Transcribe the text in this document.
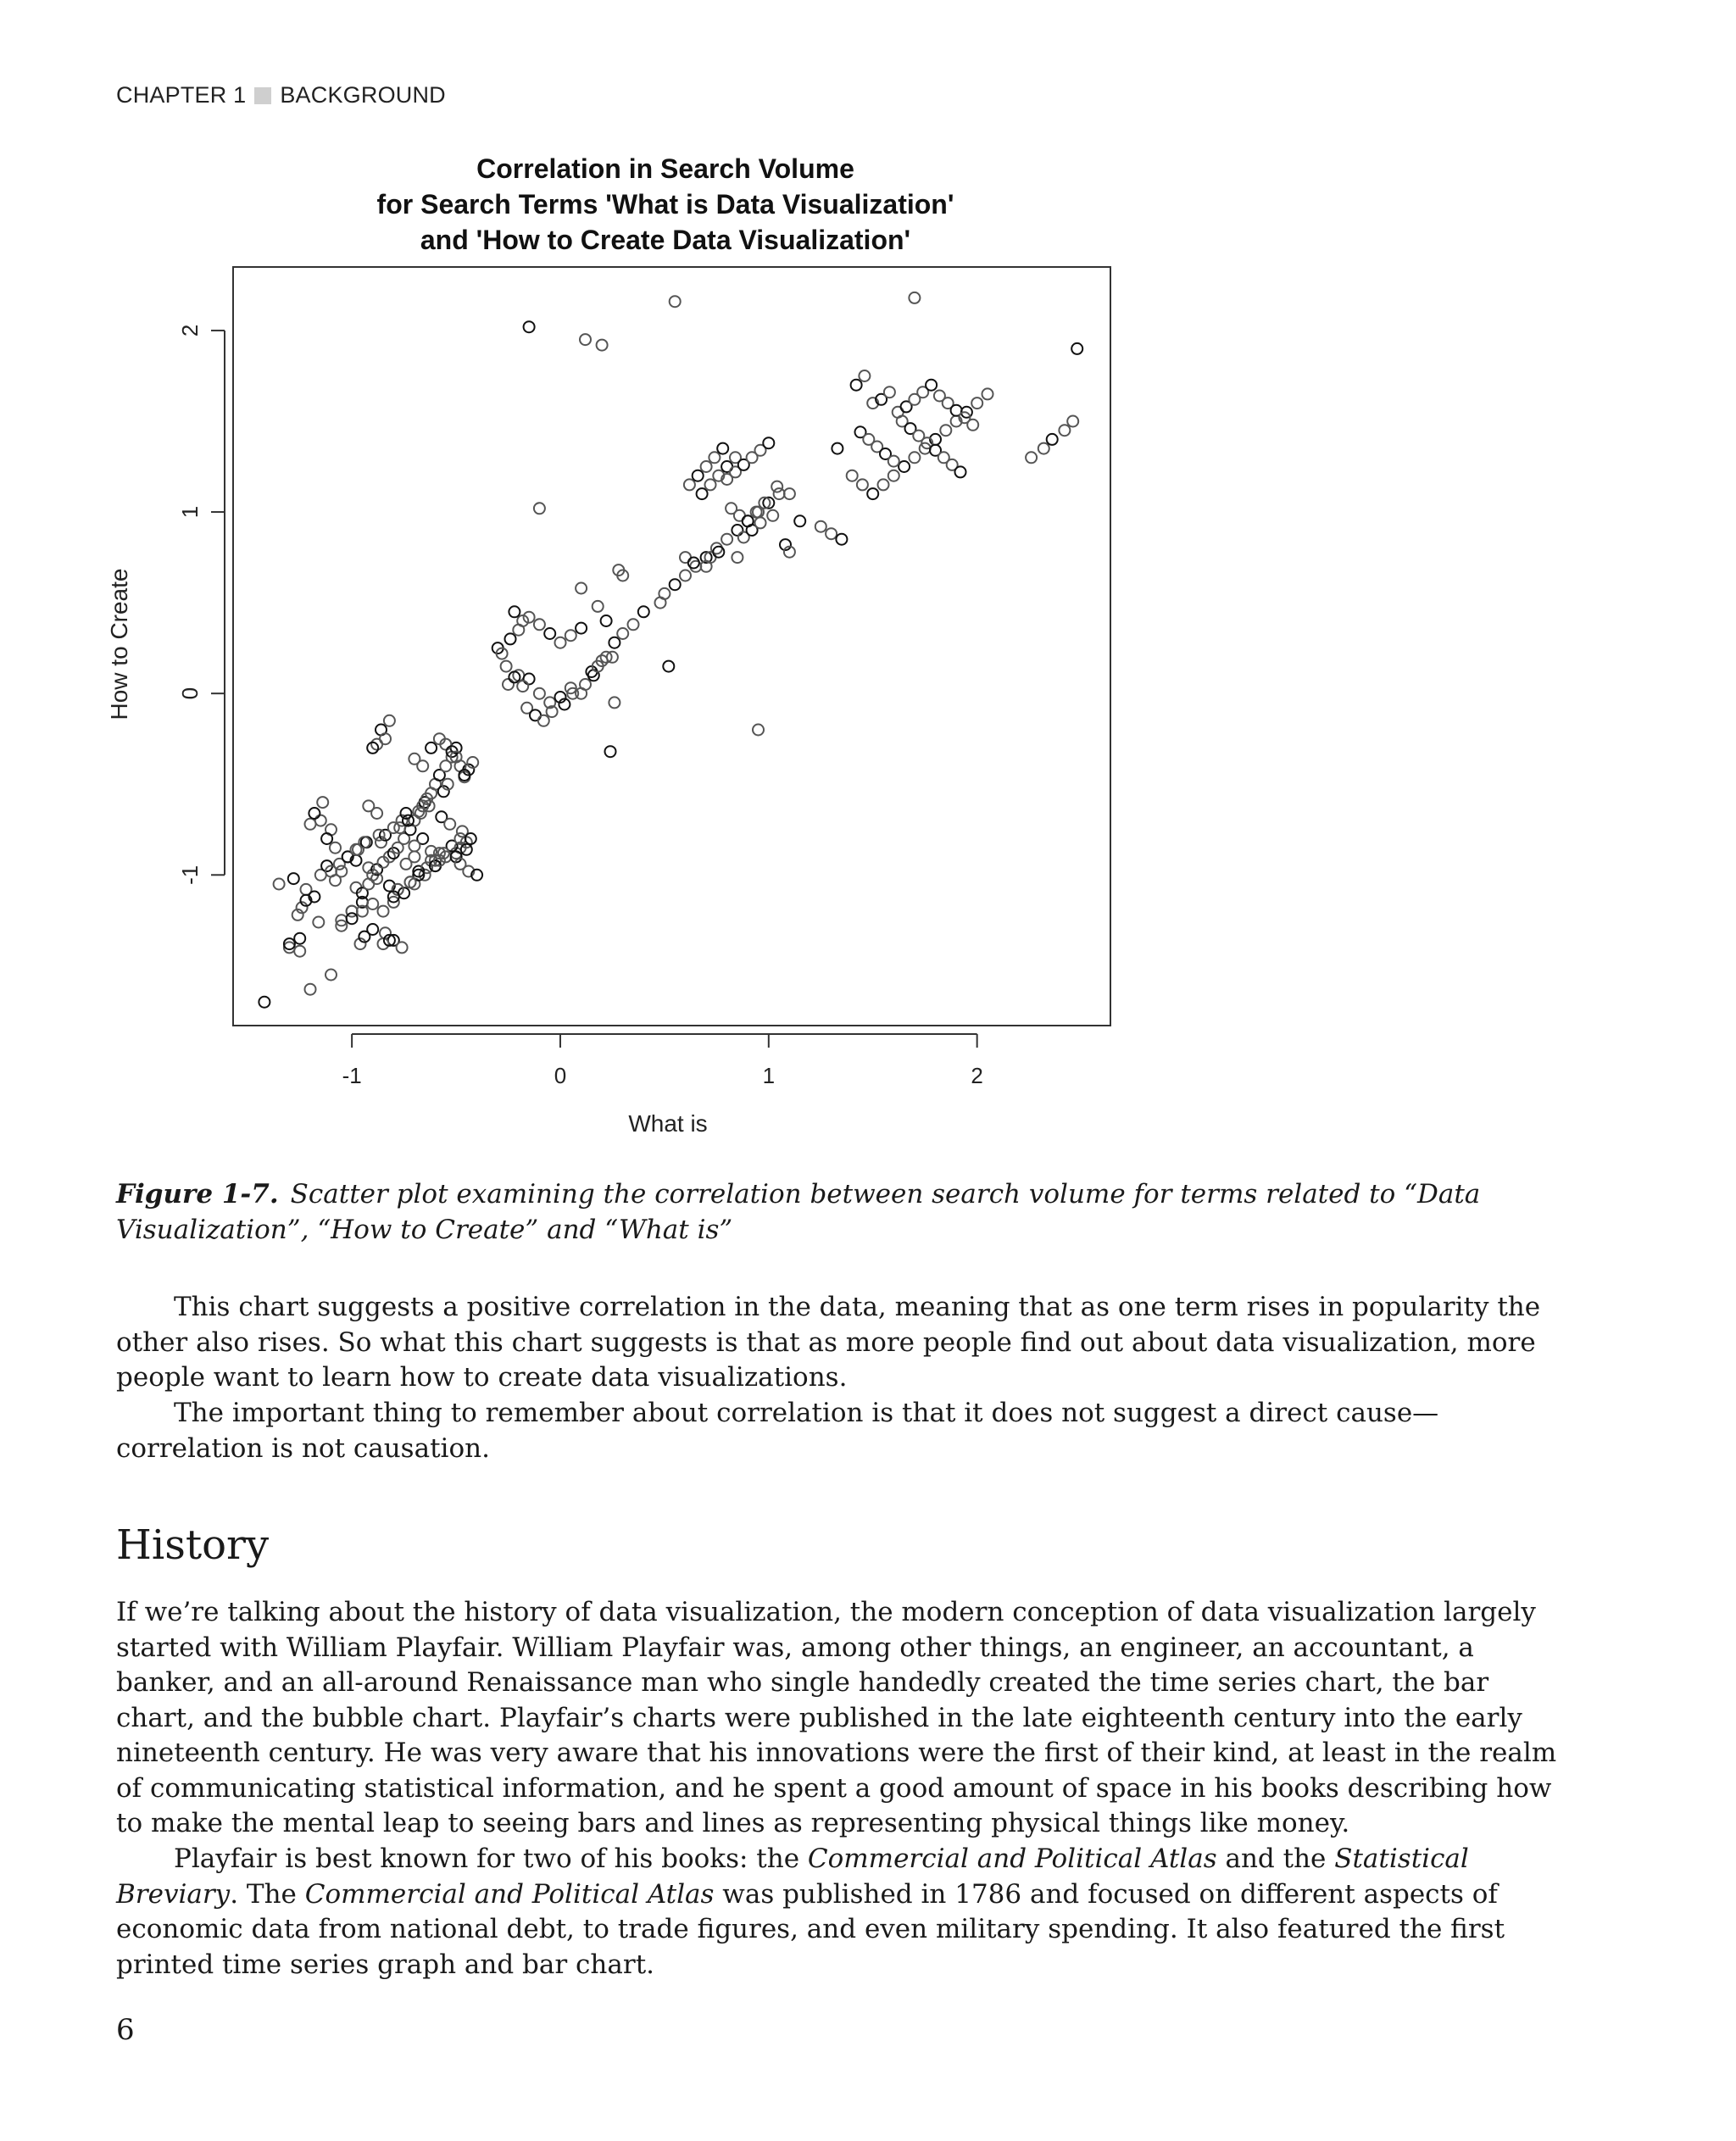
CHAPTER 1 BACKGROUND
Correlation in Search Volume
for Search Terms 'What is Data Visualization'
and 'How to Create Data Visualization'
-1	0	1	2
-1
0
1
2
What is
How to Create
Figure 1-7. Scatter plot examining the correlation between search volume for terms related to “Data Visualization”, “How to Create” and “What is”

This chart suggests a positive correlation in the data, meaning that as one term rises in popularity the other also rises. So what this chart suggests is that as more people find out about data visualization, more people want to learn how to create data visualizations.

The important thing to remember about correlation is that it does not suggest a direct cause—correlation is not causation.

History

If we’re talking about the history of data visualization, the modern conception of data visualization largely started with William Playfair. William Playfair was, among other things, an engineer, an accountant, a banker, and an all-around Renaissance man who single handedly created the time series chart, the bar chart, and the bubble chart. Playfair’s charts were published in the late eighteenth century into the early nineteenth century. He was very aware that his innovations were the first of their kind, at least in the realm of communicating statistical information, and he spent a good amount of space in his books describing how to make the mental leap to seeing bars and lines as representing physical things like money.

Playfair is best known for two of his books: the Commercial and Political Atlas and the Statistical Breviary. The Commercial and Political Atlas was published in 1786 and focused on different aspects of economic data from national debt, to trade figures, and even military spending. It also featured the first printed time series graph and bar chart.

6
